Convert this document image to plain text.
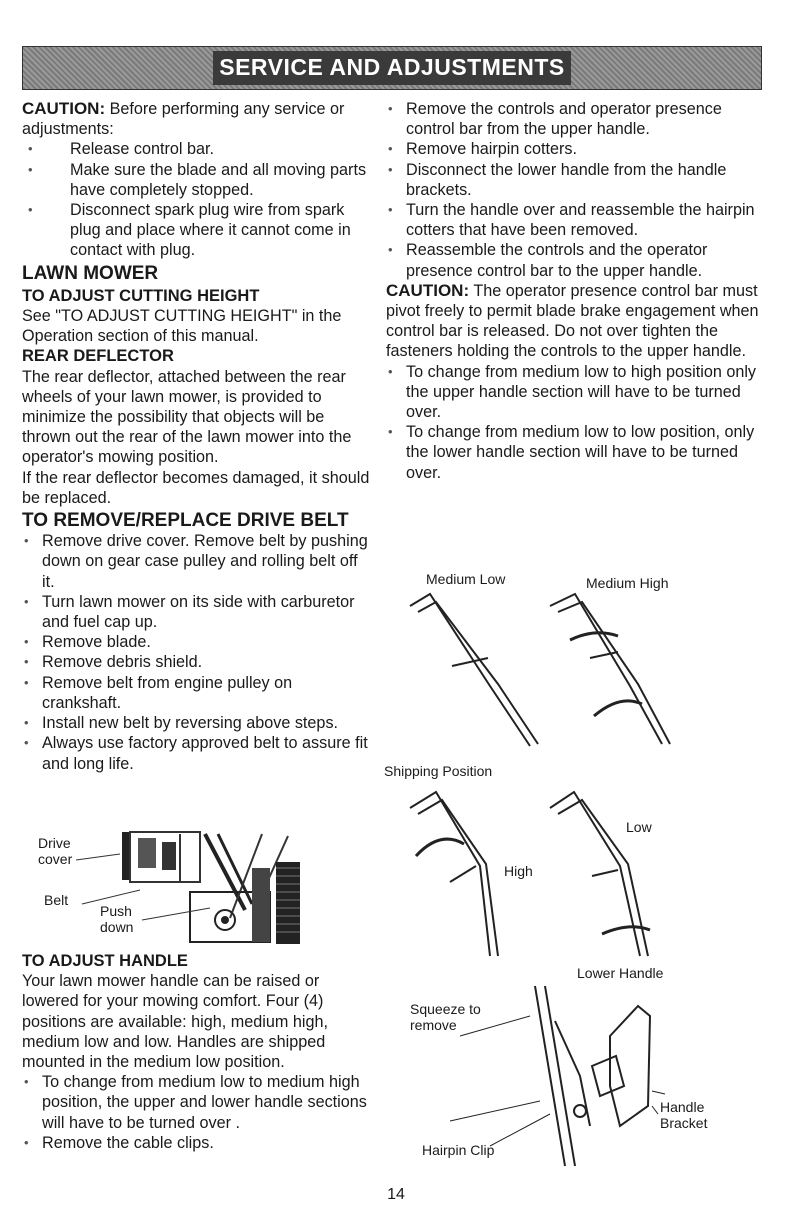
SERVICE AND ADJUSTMENTS

CAUTION: Before performing any service or adjustments:

• Release control bar.
• Make sure the blade and all moving parts have completely stopped.
• Disconnect spark plug wire from spark plug and place where it cannot come in contact with plug.

LAWN MOWER

TO ADJUST CUTTING HEIGHT

See "TO ADJUST CUTTING HEIGHT" in the Operation section of this manual.

REAR DEFLECTOR

The rear deflector, attached between the rear wheels of your lawn mower, is provided to minimize the possibility that objects will be thrown out the rear of the lawn mower into the operator's mowing position.

If the rear deflector becomes damaged, it should be replaced.

TO REMOVE/REPLACE DRIVE BELT

• Remove drive cover. Remove belt by pushing down on gear case pulley and rolling belt off it.
• Turn lawn mower on its side with carburetor and fuel cap up.
• Remove blade.
• Remove debris shield.
• Remove belt from engine pulley on crankshaft.
• Install new belt by reversing above steps.
• Always use factory approved belt to assure fit and long life.
Drive cover
Belt
Push down

TO ADJUST HANDLE

Your lawn mower handle can be raised or lowered for your mowing comfort. Four (4) positions are available: high, medium high, medium low and low. Handles are shipped mounted in the medium low position.

• To change from medium low to medium high position, the upper and lower handle sections will have to be turned over .
• Remove the cable clips.
• Remove the controls and operator presence control bar from the upper handle.
• Remove hairpin cotters.
• Disconnect the lower handle from the handle brackets.
• Turn the handle over and reassemble the hairpin cotters that have been removed.
• Reassemble the controls and the operator presence control bar to the upper handle.

CAUTION: The operator presence control bar must pivot freely to permit blade brake engagement when control bar is released. Do not over tighten the fasteners holding the controls to the upper handle.

• To change from medium low to high position only the upper handle section will have to be turned over.
• To change from medium low to low position, only the lower handle section will have to be turned over.
Medium Low	Medium High
Shipping Position
High
Low
Lower Handle
Squeeze to remove
Handle Bracket
Hairpin Clip
14
